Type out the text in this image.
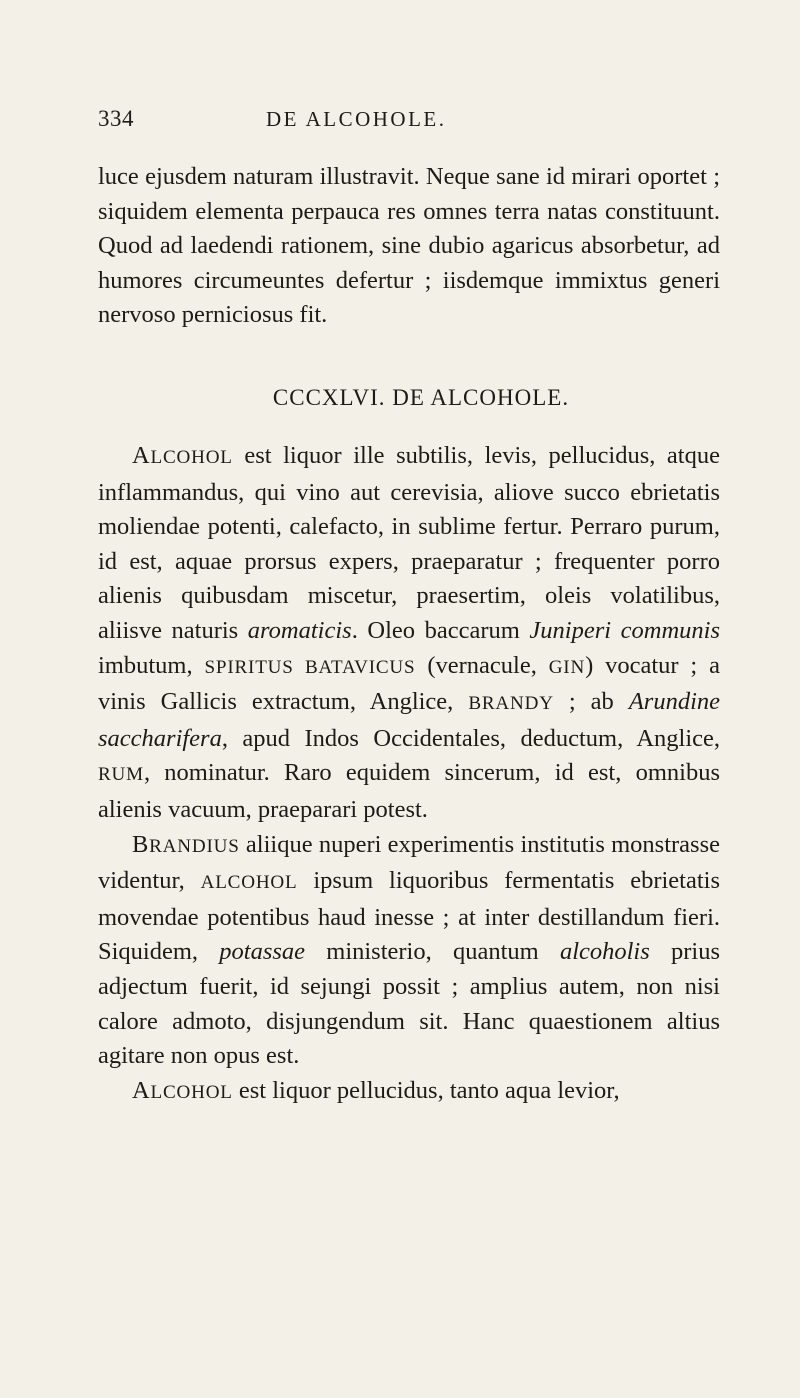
334	DE ALCOHOLE.

luce ejusdem naturam illustravit. Neque sane id mirari oportet ; siquidem elementa perpauca res omnes terra natas constituunt. Quod ad laedendi rationem, sine dubio agaricus absorbetur, ad humores circumeuntes defertur ; iisdemque immixtus generi nervoso perniciosus fit.

CCCXLVI. DE ALCOHOLE.

ALCOHOL est liquor ille subtilis, levis, pellucidus, atque inflammandus, qui vino aut cerevisia, aliove succo ebrietatis moliendae potenti, calefacto, in sublime fertur. Perraro purum, id est, aquae prorsus expers, praeparatur ; frequenter porro alienis quibusdam miscetur, praesertim, oleis volatilibus, aliisve naturis aromaticis. Oleo baccarum Juniperi communis imbutum, SPIRITUS BATAVICUS (vernacule, GIN) vocatur ; a vinis Gallicis extractum, Anglice, BRANDY ; ab Arundine saccharifera, apud Indos Occidentales, deductum, Anglice, RUM, nominatur. Raro equidem sincerum, id est, omnibus alienis vacuum, praeparari potest.

BRANDIUS aliique nuperi experimentis institutis monstrasse videntur, ALCOHOL ipsum liquoribus fermentatis ebrietatis movendae potentibus haud inesse ; at inter destillandum fieri. Siquidem, potassae ministerio, quantum alcoholis prius adjectum fuerit, id sejungi possit ; amplius autem, non nisi calore admoto, disjungendum sit. Hanc quaestionem altius agitare non opus est.

ALCOHOL est liquor pellucidus, tanto aqua levior,
